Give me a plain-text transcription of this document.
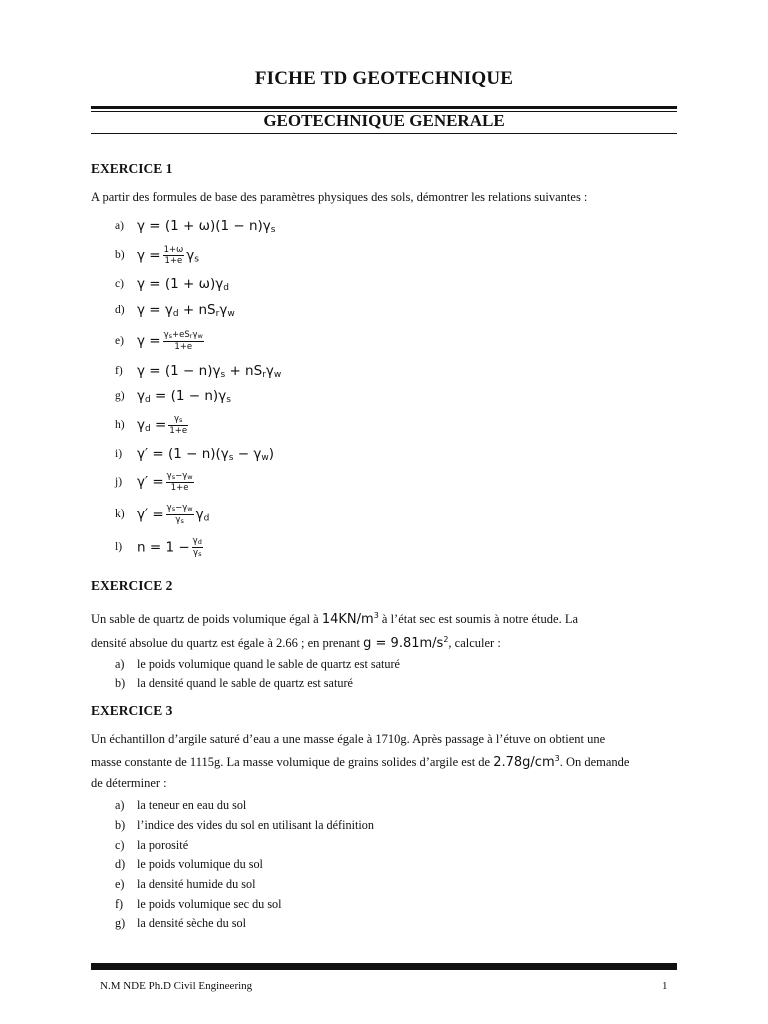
FICHE TD GEOTECHNIQUE
GEOTECHNIQUE GENERALE
EXERCICE 1
A partir des formules de base des paramètres physiques des sols, démontrer les relations suivantes :
a) $\gamma = (1 + \omega)(1 - n)\gamma_s$
b) $\gamma = \frac{1+\omega}{1+e} \gamma_s$
c) $\gamma = (1 + \omega)\gamma_d$
d) $\gamma = \gamma_d + nS_r\gamma_w$
e) $\gamma = \frac{\gamma_s+eS_r\gamma_w}{1+e}$
f)	$\gamma = (1 - n)\gamma_s + nS_r\gamma_w$
g) $\gamma_d = (1 - n)\gamma_s$
h) $\gamma_d = \frac{\gamma_s}{1+e}$
i)	$\gamma' = (1 - n)(\gamma_s - \gamma_w)$
j)	$\gamma' = \frac{\gamma_s-\gamma_w}{1+e}$
k) $\gamma' = \frac{\gamma_s-\gamma_w}{\gamma_s} \gamma_d$
l)	$n = 1 - \frac{\gamma_d}{\gamma_s}$
EXERCICE 2
Un sable de quartz de poids volumique égal à $14KN/m^3$ à l’état sec est soumis à notre étude. La
densité absolue du quartz est égale à 2.66 ; en prenant $g = 9.81m/s^2$, calculer :
a)	le poids volumique quand le sable de quartz est saturé
b) la densité quand le sable de quartz est saturé
EXERCICE 3
Un échantillon d’argile saturé d’eau a une masse égale à 1710g. Après passage à l’étuve on obtient une
masse constante de 1115g. La masse volumique de grains solides d’argile est de $2.78g/cm^3$. On demande
de déterminer :
a)	la teneur en eau du sol
b) l’indice des vides du sol en utilisant la définition
c)	la porosité
d) le poids volumique du sol
e)	la densité humide du sol
f)	le poids volumique sec du sol
g) la densité sèche du sol
N.M NDE Ph.D Civil Engineering	1
